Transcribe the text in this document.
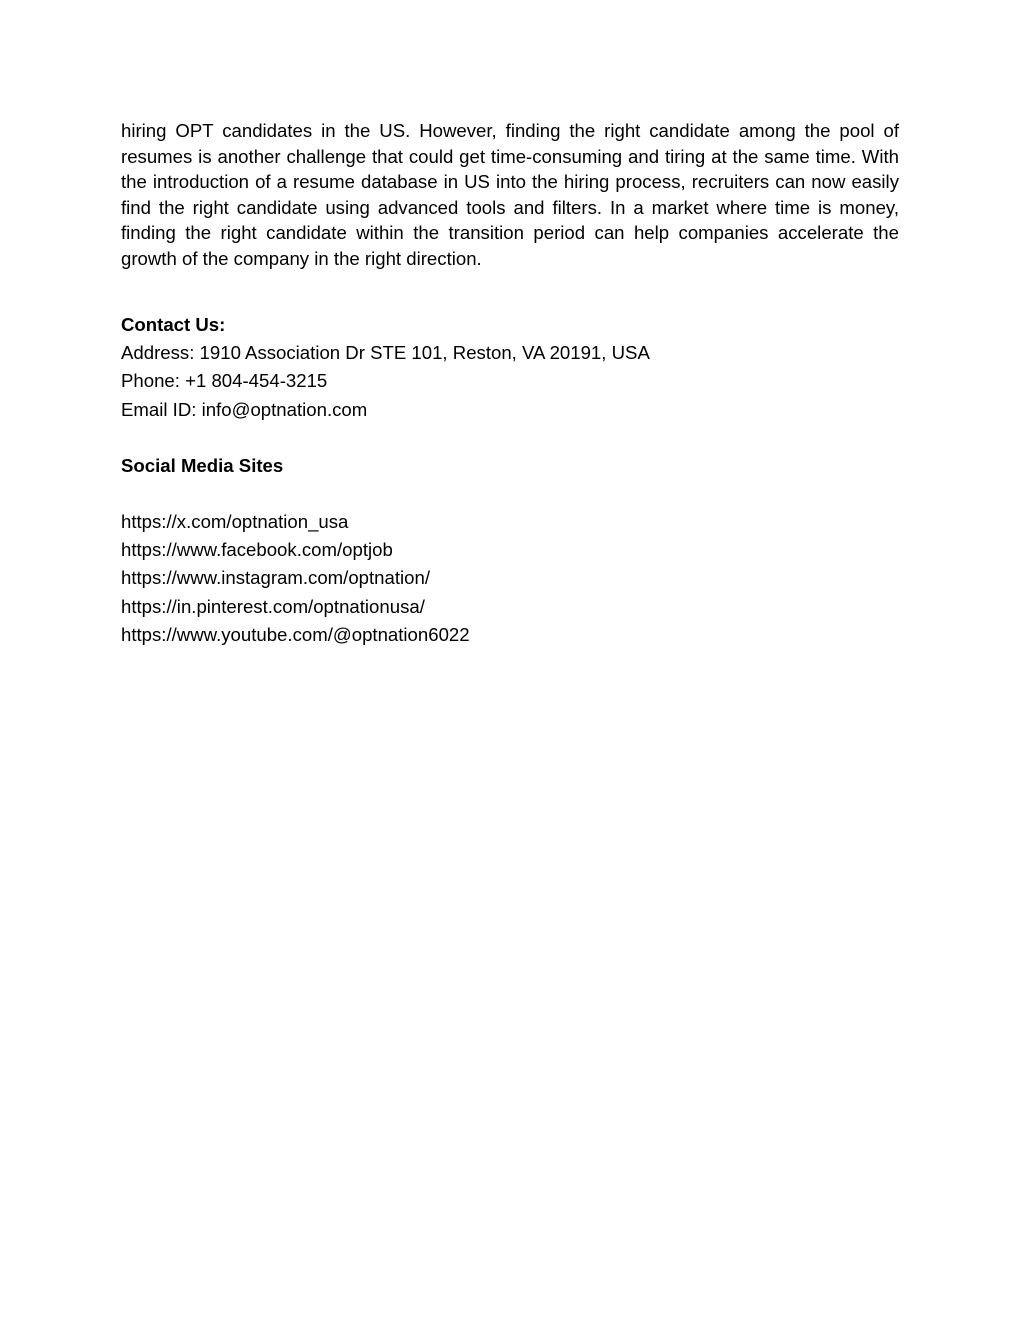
hiring OPT candidates in the US. However, finding the right candidate among the pool of resumes is another challenge that could get time-consuming and tiring at the same time. With the introduction of a resume database in US into the hiring process, recruiters can now easily find the right candidate using advanced tools and filters. In a market where time is money, finding the right candidate within the transition period can help companies accelerate the growth of the company in the right direction.

Contact Us:

Address: 1910 Association Dr STE 101, Reston, VA 20191, USA

Phone: +1 804-454-3215

Email ID: info@optnation.com

Social Media Sites

https://x.com/optnation_usa

https://www.facebook.com/optjob

https://www.instagram.com/optnation/

https://in.pinterest.com/optnationusa/

https://www.youtube.com/@optnation6022
